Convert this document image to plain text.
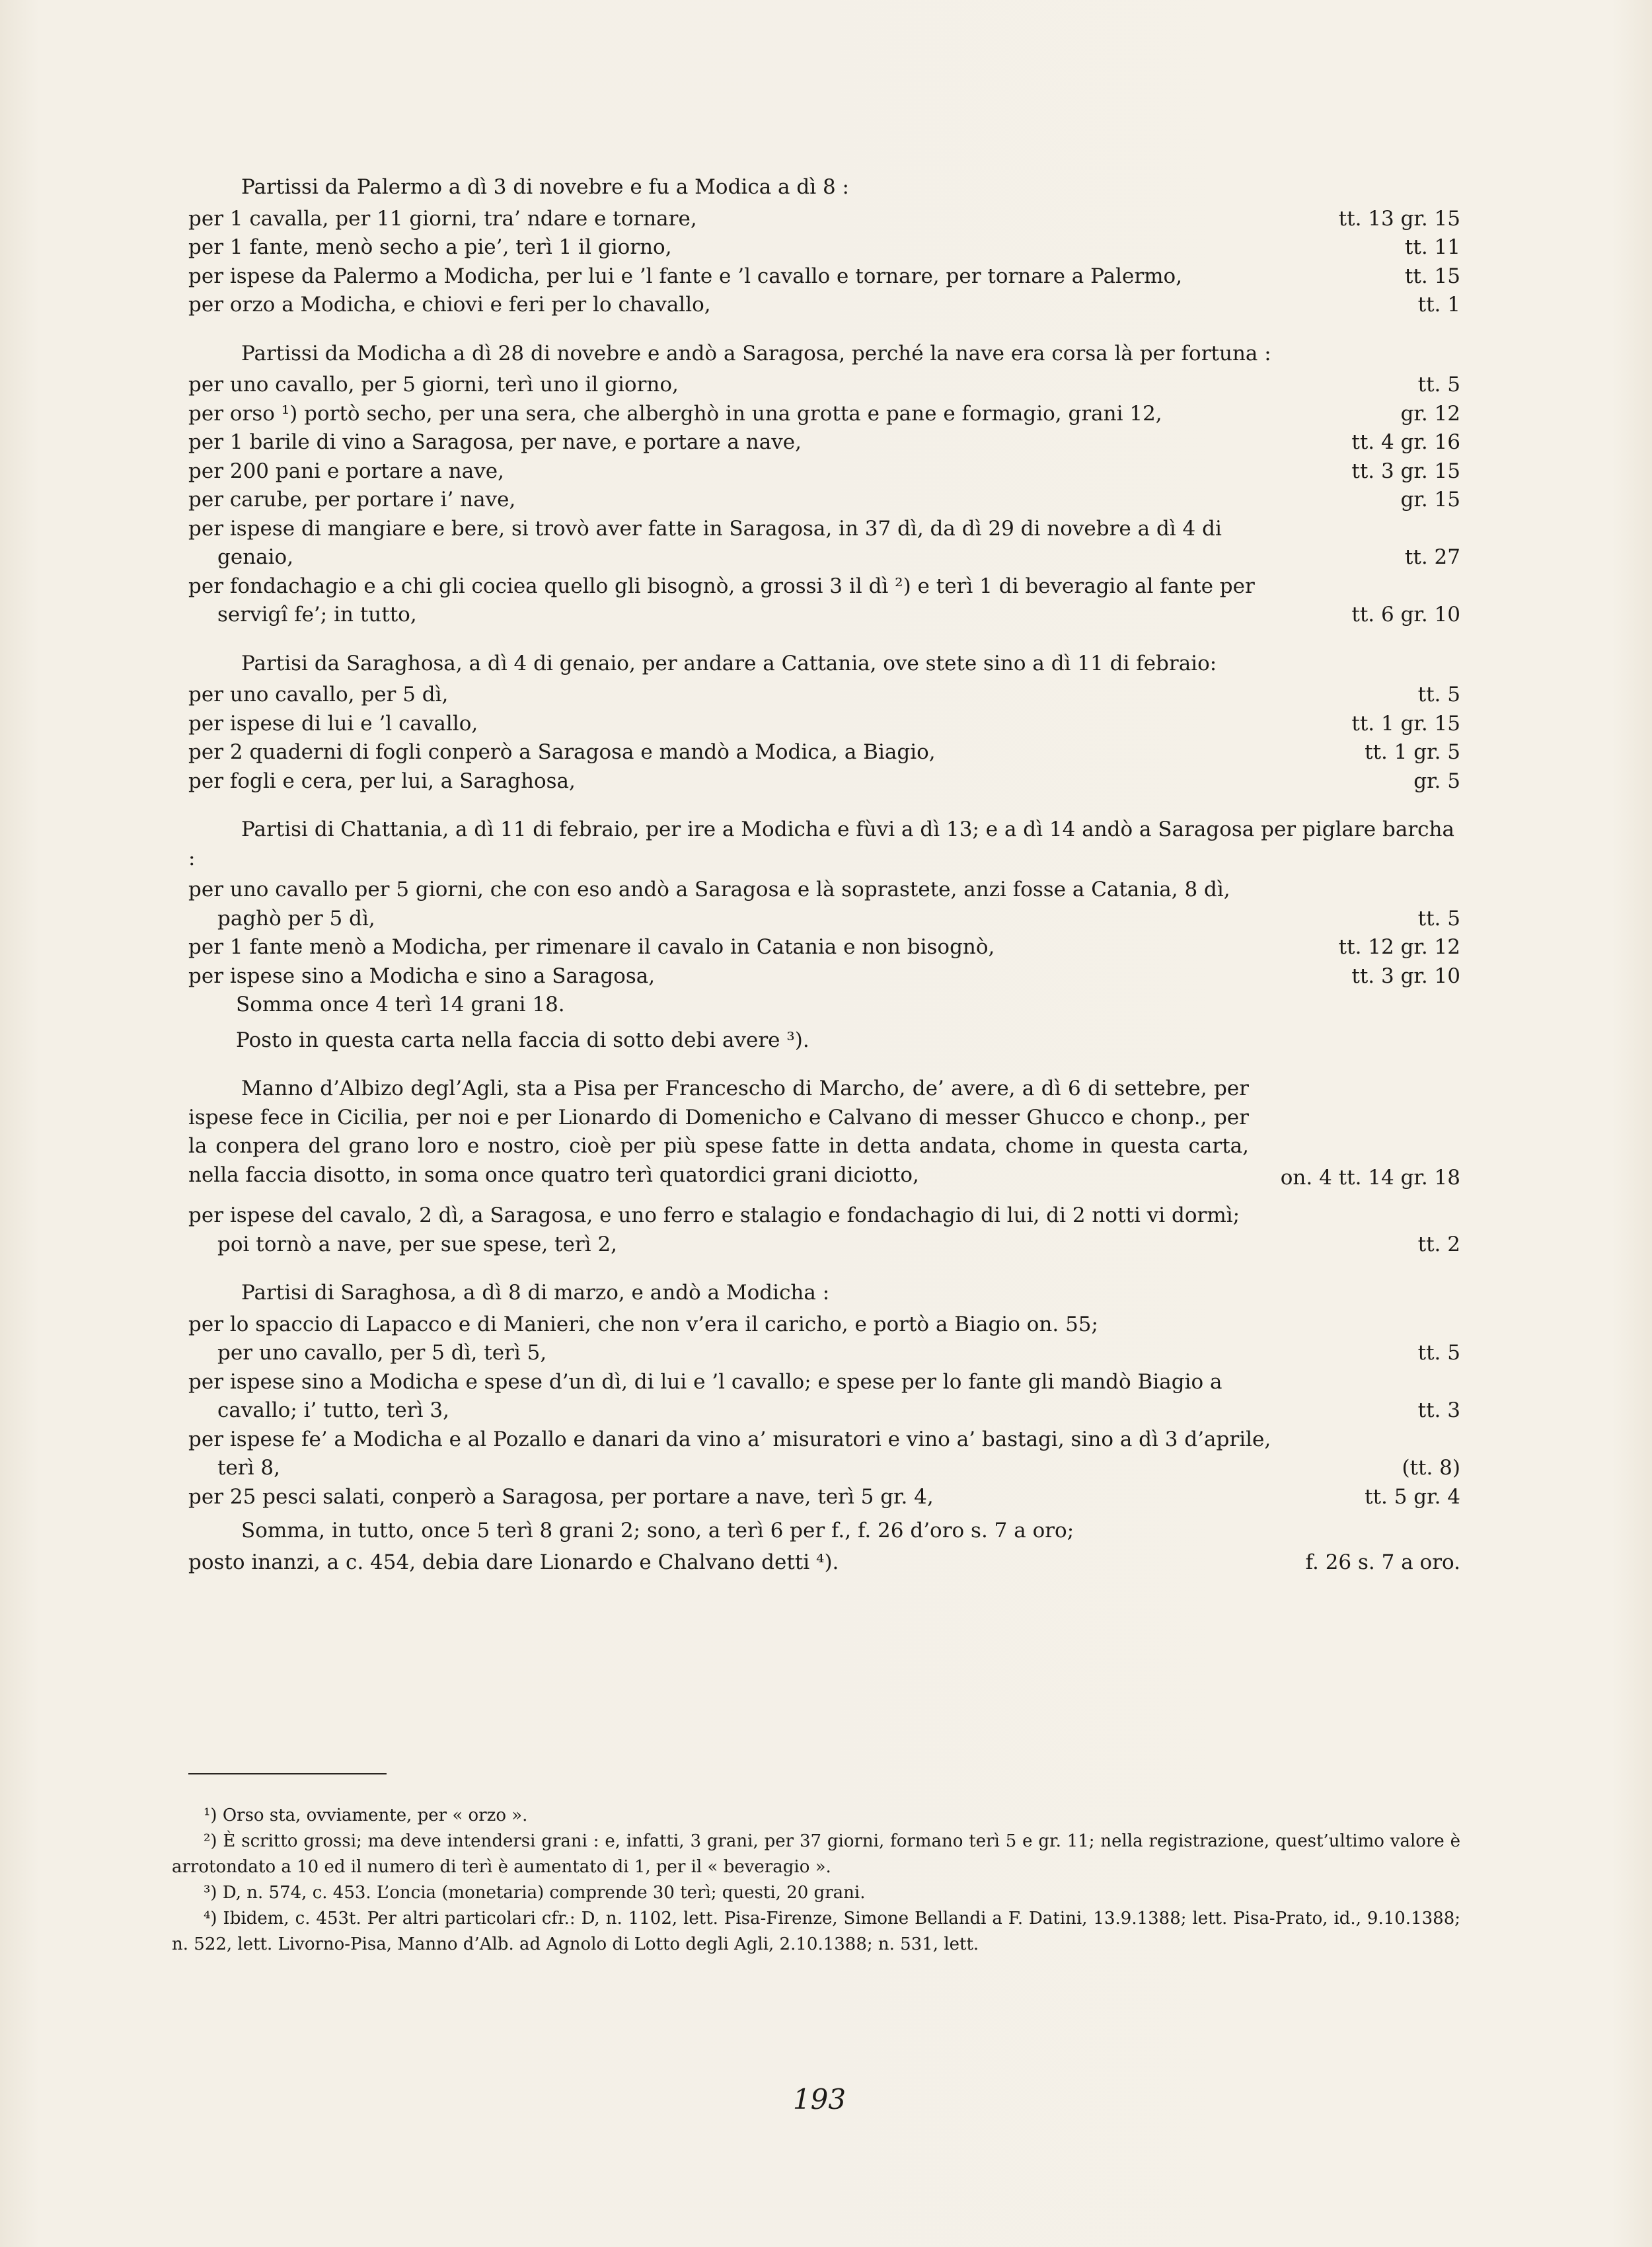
Partissi da Palermo a dì 3 di novebre e fu a Modica a dì 8 :

per 1 cavalla, per 11 giorni, tra’ ndare e tornare,	tt. 13 gr. 15
per 1 fante, menò secho a pie’, terì 1 il giorno,	tt. 11
per ispese da Palermo a Modicha, per lui e ’l fante e ’l cavallo e tornare, per tornare a Palermo,	tt. 15
per orzo a Modicha, e chiovi e feri per lo chavallo,	tt. 1

Partissi da Modicha a dì 28 di novebre e andò a Saragosa, perché la nave era corsa là per fortuna :

per uno cavallo, per 5 giorni, terì uno il giorno,	tt. 5
per orso ¹) portò secho, per una sera, che alberghò in una grotta e pane e formagio, grani 12,	gr. 12
per 1 barile di vino a Saragosa, per nave, e portare a nave,	tt. 4 gr. 16
per 200 pani e portare a nave,	tt. 3 gr. 15
per carube, per portare i’ nave,	gr. 15
per ispese di mangiare e bere, si trovò aver fatte in Saragosa, in 37 dì, da dì 29 di novebre a dì 4 di genaio,	tt. 27
per fondachagio e a chi gli cociea quello gli bisognò, a grossi 3 il dì ²) e terì 1 di beveragio al fante per servigî fe’; in tutto,	tt. 6 gr. 10

Partisi da Saraghosa, a dì 4 di genaio, per andare a Cattania, ove stete sino a dì 11 di febraio:

per uno cavallo, per 5 dì,	tt. 5
per ispese di lui e ’l cavallo,	tt. 1 gr. 15
per 2 quaderni di fogli conperò a Saragosa e mandò a Modica, a Biagio,	tt. 1 gr. 5
per fogli e cera, per lui, a Saraghosa,	gr. 5

Partisi di Chattania, a dì 11 di febraio, per ire a Modicha e fùvi a dì 13; e a dì 14 andò a Saragosa per piglare barcha :

per uno cavallo per 5 giorni, che con eso andò a Saragosa e là soprastete, anzi fosse a Catania, 8 dì, paghò per 5 dì,	tt. 5
per 1 fante menò a Modicha, per rimenare il cavalo in Catania e non bisognò,	tt. 12 gr. 12
per ispese sino a Modicha e sino a Saragosa,	tt. 3 gr. 10

Somma once 4 terì 14 grani 18.

Posto in questa carta nella faccia di sotto debi avere ³).

Manno d’Albizo degl’Agli, sta a Pisa per Francescho di Marcho, de’ avere, a dì 6 di settebre, per ispese fece in Cicilia, per noi e per Lionardo di Domenicho e Calvano di messer Ghucco e chonp., per la conpera del grano loro e nostro, cioè per più spese fatte in detta andata, chome in questa carta, nella faccia disotto, in soma once quatro terì quatordici grani diciotto,	on. 4 tt. 14 gr. 18
per ispese del cavalo, 2 dì, a Saragosa, e uno ferro e stalagio e fondachagio di lui, di 2 notti vi dormì; poi tornò a nave, per sue spese, terì 2,	tt. 2

Partisi di Saraghosa, a dì 8 di marzo, e andò a Modicha :

per lo spaccio di Lapacco e di Manieri, che non v’era il caricho, e portò a Biagio on. 55;

per uno cavallo, per 5 dì, terì 5,	tt. 5
per ispese sino a Modicha e spese d’un dì, di lui e ’l cavallo; e spese per lo fante gli mandò Biagio a cavallo; i’ tutto, terì 3,	tt. 3
per ispese fe’ a Modicha e al Pozallo e danari da vino a’ misuratori e vino a’ bastagi, sino a dì 3 d’aprile, terì 8,	(tt. 8)
per 25 pesci salati, conperò a Saragosa, per portare a nave, terì 5 gr. 4,	tt. 5 gr. 4

Somma, in tutto, once 5 terì 8 grani 2; sono, a terì 6 per f., f. 26 d’oro s. 7 a oro;

posto inanzi, a c. 454, debia dare Lionardo e Chalvano detti ⁴).	f. 26 s. 7 a oro.

¹) Orso sta, ovviamente, per « orzo ».

²) È scritto grossi; ma deve intendersi grani : e, infatti, 3 grani, per 37 giorni, formano terì 5 e gr. 11; nella registrazione, quest’ultimo valore è arrotondato a 10 ed il numero di terì è aumentato di 1, per il « beveragio ».

³) D, n. 574, c. 453. L’oncia (monetaria) comprende 30 terì; questi, 20 grani.

⁴) Ibidem, c. 453t. Per altri particolari cfr.: D, n. 1102, lett. Pisa-Firenze, Simone Bellandi a F. Datini, 13.9.1388; lett. Pisa-Prato, id., 9.10.1388; n. 522, lett. Livorno-Pisa, Manno d’Alb. ad Agnolo di Lotto degli Agli, 2.10.1388; n. 531, lett.

193
